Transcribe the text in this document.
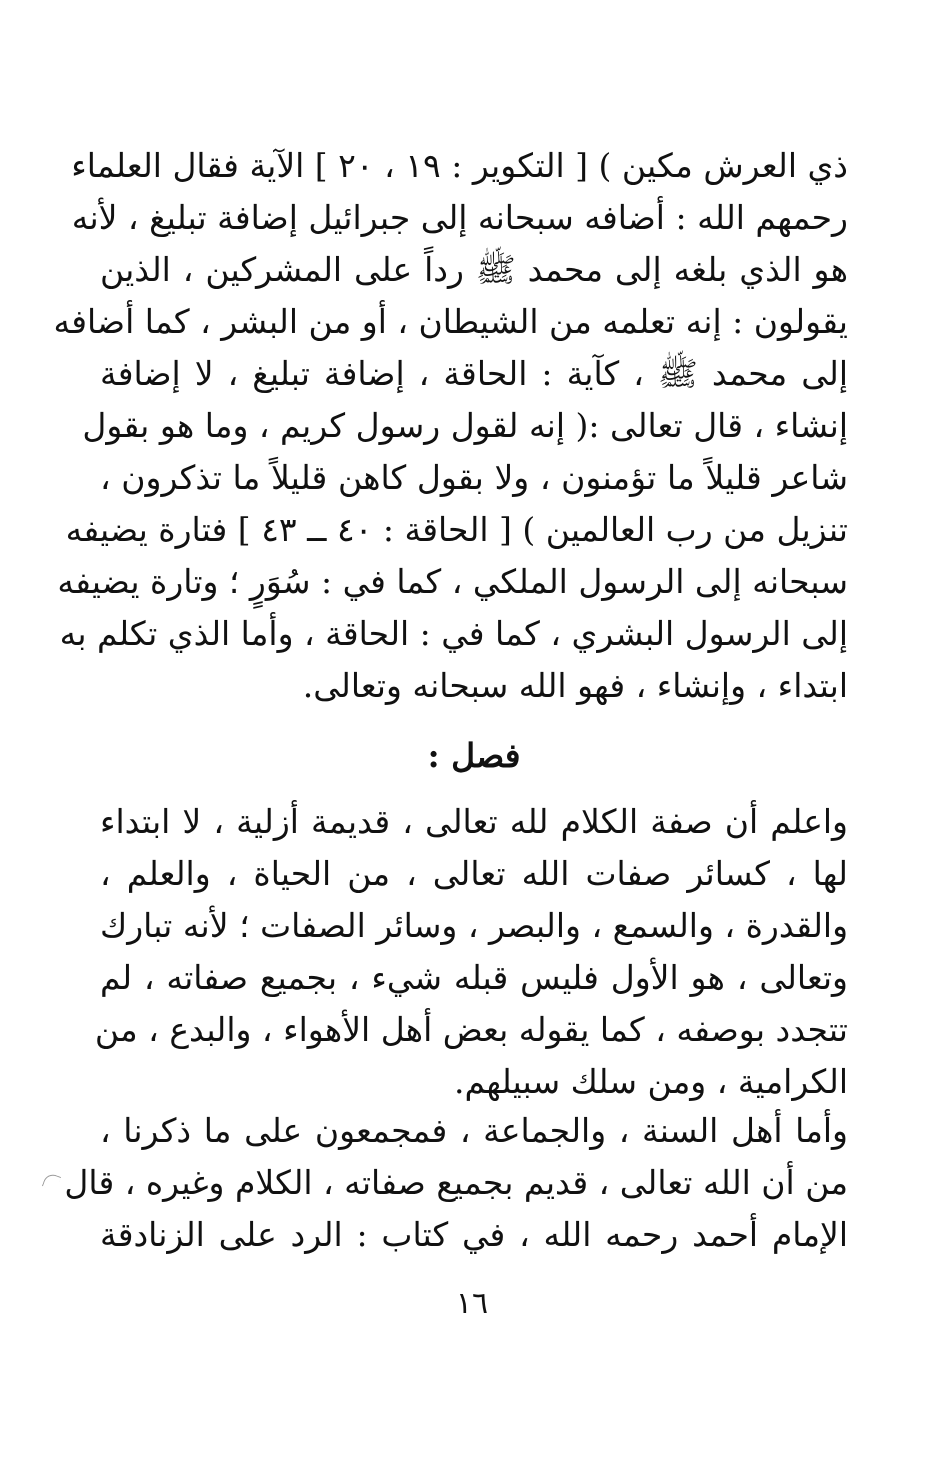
ذي العرش مكين ) [ التكوير : ١٩ ، ٢٠ ] الآية فقال العلماء
رحمهم الله : أضافه سبحانه إلى جبرائيل إضافة تبليغ ، لأنه
هو الذي بلغه إلى محمد ﷺ رداً على المشركين ، الذين
يقولون : إنه تعلمه من الشيطان ، أو من البشر ، كما أضافه
إلى محمد ﷺ ، كآية : الحاقة ، إضافة تبليغ ، لا إضافة
إنشاء ، قال تعالى :( إنه لقول رسول كريم ، وما هو بقول
شاعر قليلاً ما تؤمنون ، ولا بقول كاهن قليلاً ما تذكرون ،
تنزيل من رب العالمين ) [ الحاقة : ٤٠ ــ ٤٣ ] فتارة يضيفه
سبحانه إلى الرسول الملكي ، كما في : سُوَرٍ ؛ وتارة يضيفه
إلى الرسول البشري ، كما في : الحاقة ، وأما الذي تكلم به
ابتداء ، وإنشاء ، فهو الله سبحانه وتعالى.
فصل :
واعلم أن صفة الكلام لله تعالى ، قديمة أزلية ، لا ابتداء
لها ، كسائر صفات الله تعالى ، من الحياة ، والعلم ،
والقدرة ، والسمع ، والبصر ، وسائر الصفات ؛ لأنه تبارك
وتعالى ، هو الأول فليس قبله شيء ، بجميع صفاته ، لم
تتجدد بوصفه ، كما يقوله بعض أهل الأهواء ، والبدع ، من
الكرامية ، ومن سلك سبيلهم.
وأما أهل السنة ، والجماعة ، فمجمعون على ما ذكرنا ،
من أن الله تعالى ، قديم بجميع صفاته ، الكلام وغيره ، قال
الإمام أحمد رحمه الله ، في كتاب : الرد على الزنادقة
١٦
